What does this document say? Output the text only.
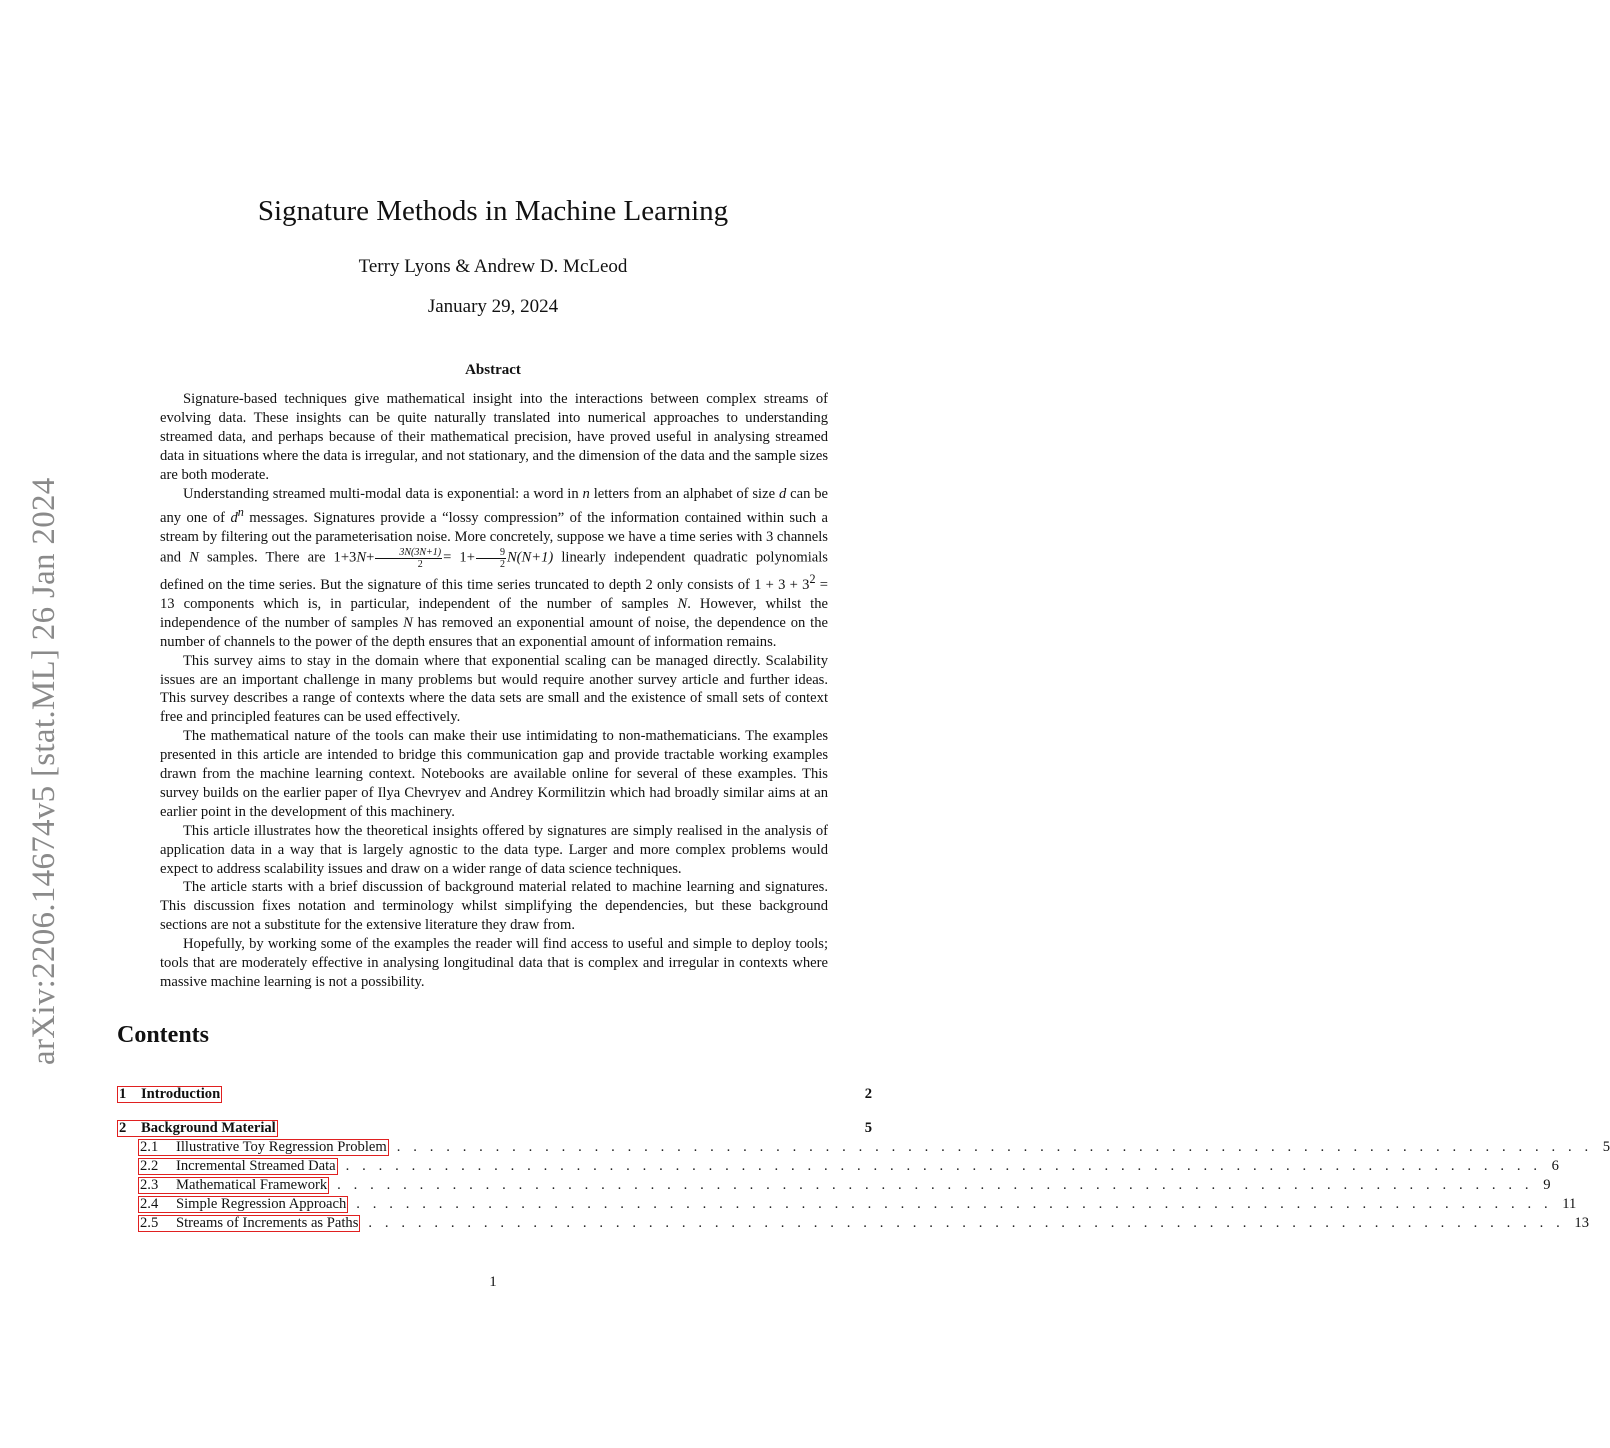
arXiv:2206.14674v5 [stat.ML] 26 Jan 2024
Signature Methods in Machine Learning
Terry Lyons & Andrew D. McLeod
January 29, 2024
Abstract

Signature-based techniques give mathematical insight into the interactions between complex streams of evolving data. These insights can be quite naturally translated into numerical approaches to understanding streamed data, and perhaps because of their mathematical precision, have proved useful in analysing streamed data in situations where the data is irregular, and not stationary, and the dimension of the data and the sample sizes are both moderate.

Understanding streamed multi-modal data is exponential: a word in n letters from an alphabet of size d can be any one of $d^n$ messages. Signatures provide a “lossy compression” of the information contained within such a stream by filtering out the parameterisation noise. More concretely, suppose we have a time series with 3 channels and N samples. There are $1+3N+ \frac{3N(3N+1)}{2} = 1+ \frac{9}{2} N(N+1)$ linearly independent quadratic polynomials defined on the time series. But the signature of this time series truncated to depth 2 only consists of $1 + 3 + 3^2 = 13$ components which is, in particular, independent of the number of samples N. However, whilst the independence of the number of samples N has removed an exponential amount of noise, the dependence on the number of channels to the power of the depth ensures that an exponential amount of information remains.

This survey aims to stay in the domain where that exponential scaling can be managed directly. Scalability issues are an important challenge in many problems but would require another survey article and further ideas. This survey describes a range of contexts where the data sets are small and the existence of small sets of context free and principled features can be used effectively.

The mathematical nature of the tools can make their use intimidating to non-mathematicians. The examples presented in this article are intended to bridge this communication gap and provide tractable working examples drawn from the machine learning context. Notebooks are available online for several of these examples. This survey builds on the earlier paper of Ilya Chevryev and Andrey Kormilitzin which had broadly similar aims at an earlier point in the development of this machinery.

This article illustrates how the theoretical insights offered by signatures are simply realised in the analysis of application data in a way that is largely agnostic to the data type. Larger and more complex problems would expect to address scalability issues and draw on a wider range of data science techniques.

The article starts with a brief discussion of background material related to machine learning and signatures. This discussion fixes notation and terminology whilst simplifying the dependencies, but these background sections are not a substitute for the extensive literature they draw from.

Hopefully, by working some of the examples the reader will find access to useful and simple to deploy tools; tools that are moderately effective in analysing longitudinal data that is complex and irregular in contexts where massive machine learning is not a possibility.

Contents
1 Introduction	2
2 Background Material	5
2.1 Illustrative Toy Regression Problem . . . . . . . . . . . . . . . . . . . . . . . . . . . . . . . . . . . . . . . . . . . . . . . . . . . . . . . . . . . . . . . . . . . . . . . . . 5
2.2 Incremental Streamed Data . . . . . . . . . . . . . . . . . . . . . . . . . . . . . . . . . . . . . . . . . . . . . . . . . . . . . . . . . . . . . . . . . . . . . . . . . 6
2.3 Mathematical Framework . . . . . . . . . . . . . . . . . . . . . . . . . . . . . . . . . . . . . . . . . . . . . . . . . . . . . . . . . . . . . . . . . . . . . . . . . 9
2.4 Simple Regression Approach . . . . . . . . . . . . . . . . . . . . . . . . . . . . . . . . . . . . . . . . . . . . . . . . . . . . . . . . . . . . . . . . . . . . . . . . . 11
2.5 Streams of Increments as Paths . . . . . . . . . . . . . . . . . . . . . . . . . . . . . . . . . . . . . . . . . . . . . . . . . . . . . . . . . . . . . . . . . . . . . . . . . 13
1
